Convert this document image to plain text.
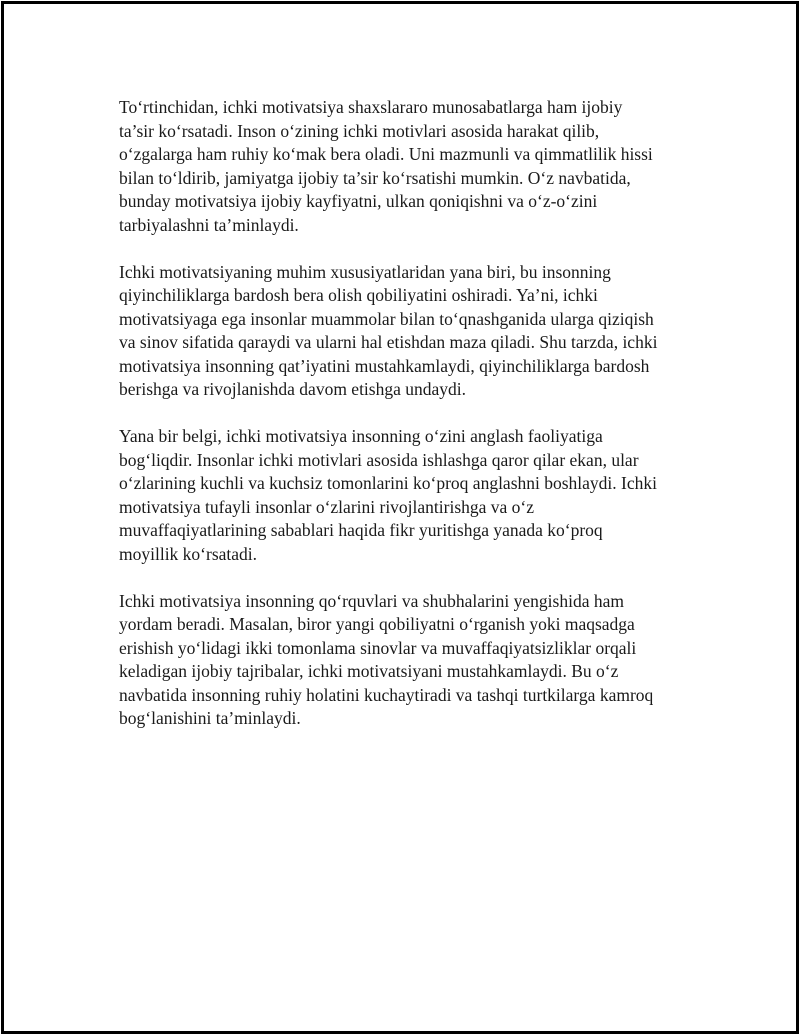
To‘rtinchidan, ichki motivatsiya shaxslararo munosabatlarga ham ijobiy
ta’sir ko‘rsatadi. Inson o‘zining ichki motivlari asosida harakat qilib,
o‘zgalarga ham ruhiy ko‘mak bera oladi. Uni mazmunli va qimmatlilik hissi
bilan to‘ldirib, jamiyatga ijobiy ta’sir ko‘rsatishi mumkin. O‘z navbatida,
bunday motivatsiya ijobiy kayfiyatni, ulkan qoniqishni va o‘z-o‘zini
tarbiyalashni ta’minlaydi.

Ichki motivatsiyaning muhim xususiyatlaridan yana biri, bu insonning
qiyinchiliklarga bardosh bera olish qobiliyatini oshiradi. Ya’ni, ichki
motivatsiyaga ega insonlar muammolar bilan to‘qnashganida ularga qiziqish
va sinov sifatida qaraydi va ularni hal etishdan maza qiladi. Shu tarzda, ichki
motivatsiya insonning qat’iyatini mustahkamlaydi, qiyinchiliklarga bardosh
berishga va rivojlanishda davom etishga undaydi.

Yana bir belgi, ichki motivatsiya insonning o‘zini anglash faoliyatiga
bog‘liqdir. Insonlar ichki motivlari asosida ishlashga qaror qilar ekan, ular
o‘zlarining kuchli va kuchsiz tomonlarini ko‘proq anglashni boshlaydi. Ichki
motivatsiya tufayli insonlar o‘zlarini rivojlantirishga va o‘z
muvaffaqiyatlarining sabablari haqida fikr yuritishga yanada ko‘proq
moyillik ko‘rsatadi.

Ichki motivatsiya insonning qo‘rquvlari va shubhalarini yengishida ham
yordam beradi. Masalan, biror yangi qobiliyatni o‘rganish yoki maqsadga
erishish yo‘lidagi ikki tomonlama sinovlar va muvaffaqiyatsizliklar orqali
keladigan ijobiy tajribalar, ichki motivatsiyani mustahkamlaydi. Bu o‘z
navbatida insonning ruhiy holatini kuchaytiradi va tashqi turtkilarga kamroq
bog‘lanishini ta’minlaydi.
